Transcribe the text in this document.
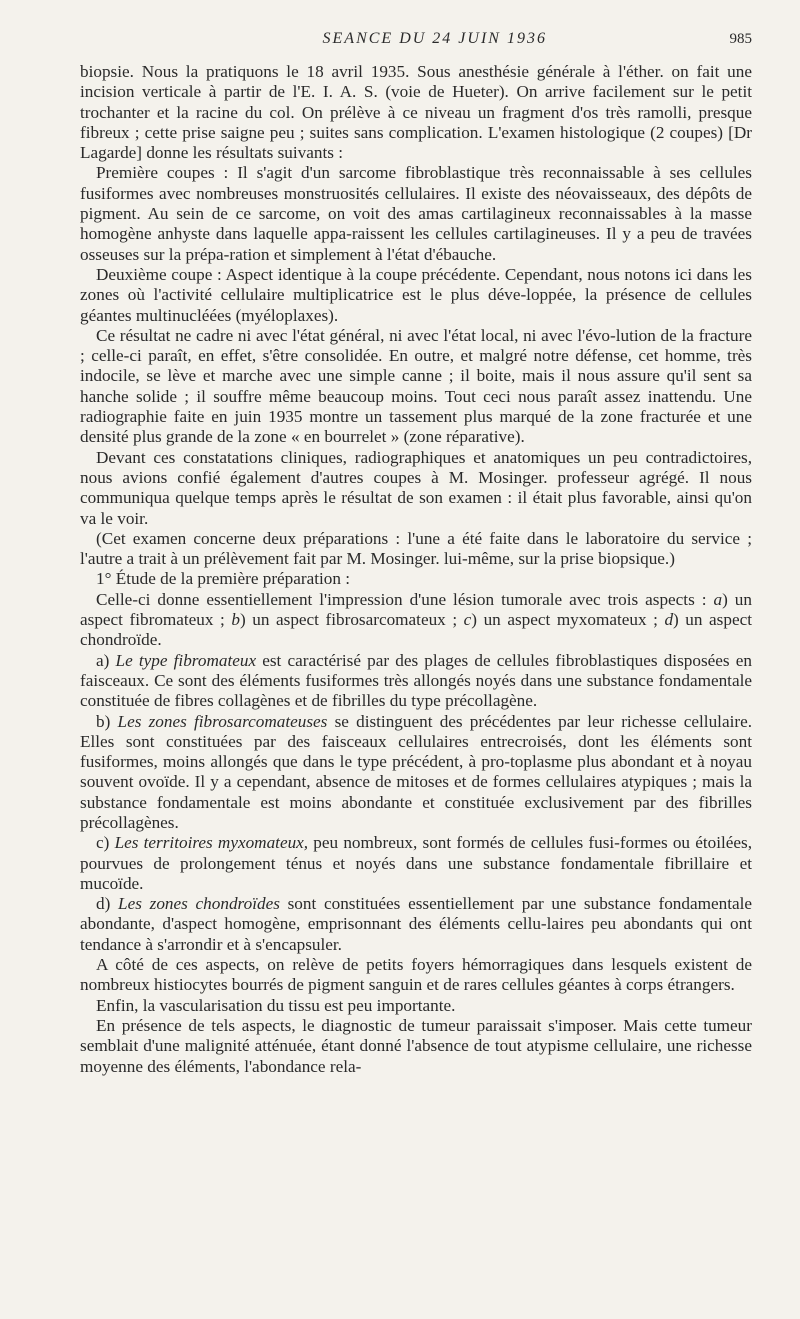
SEANCE DU 24 JUIN 1936	985

biopsie. Nous la pratiquons le 18 avril 1935. Sous anesthésie générale à l'éther. on fait une incision verticale à partir de l'E. I. A. S. (voie de Hueter). On arrive facilement sur le petit trochanter et la racine du col. On prélève à ce niveau un fragment d'os très ramolli, presque fibreux ; cette prise saigne peu ; suites sans complication. L'examen histologique (2 coupes) [Dr Lagarde] donne les résultats suivants :

Première coupes : Il s'agit d'un sarcome fibroblastique très reconnaissable à ses cellules fusiformes avec nombreuses monstruosités cellulaires. Il existe des néovaisseaux, des dépôts de pigment. Au sein de ce sarcome, on voit des amas cartilagineux reconnaissables à la masse homogène anhyste dans laquelle appa-raissent les cellules cartilagineuses. Il y a peu de travées osseuses sur la prépa-ration et simplement à l'état d'ébauche.

Deuxième coupe : Aspect identique à la coupe précédente. Cependant, nous notons ici dans les zones où l'activité cellulaire multiplicatrice est le plus déve-loppée, la présence de cellules géantes multinucléées (myéloplaxes).

Ce résultat ne cadre ni avec l'état général, ni avec l'état local, ni avec l'évo-lution de la fracture ; celle-ci paraît, en effet, s'être consolidée. En outre, et malgré notre défense, cet homme, très indocile, se lève et marche avec une simple canne ; il boite, mais il nous assure qu'il sent sa hanche solide ; il souffre même beaucoup moins. Tout ceci nous paraît assez inattendu. Une radiographie faite en juin 1935 montre un tassement plus marqué de la zone fracturée et une densité plus grande de la zone « en bourrelet » (zone réparative).

Devant ces constatations cliniques, radiographiques et anatomiques un peu contradictoires, nous avions confié également d'autres coupes à M. Mosinger. professeur agrégé. Il nous communiqua quelque temps après le résultat de son examen : il était plus favorable, ainsi qu'on va le voir.

(Cet examen concerne deux préparations : l'une a été faite dans le laboratoire du service ; l'autre a trait à un prélèvement fait par M. Mosinger. lui-même, sur la prise biopsique.)

1° Étude de la première préparation :

Celle-ci donne essentiellement l'impression d'une lésion tumorale avec trois aspects : a) un aspect fibromateux ; b) un aspect fibrosarcomateux ; c) un aspect myxomateux ; d) un aspect chondroïde.

a) Le type fibromateux est caractérisé par des plages de cellules fibroblastiques disposées en faisceaux. Ce sont des éléments fusiformes très allongés noyés dans une substance fondamentale constituée de fibres collagènes et de fibrilles du type précollagène.

b) Les zones fibrosarcomateuses se distinguent des précédentes par leur richesse cellulaire. Elles sont constituées par des faisceaux cellulaires entrecroisés, dont les éléments sont fusiformes, moins allongés que dans le type précédent, à pro-toplasme plus abondant et à noyau souvent ovoïde. Il y a cependant, absence de mitoses et de formes cellulaires atypiques ; mais la substance fondamentale est moins abondante et constituée exclusivement par des fibrilles précollagènes.

c) Les territoires myxomateux, peu nombreux, sont formés de cellules fusi-formes ou étoilées, pourvues de prolongement ténus et noyés dans une substance fondamentale fibrillaire et mucoïde.

d) Les zones chondroïdes sont constituées essentiellement par une substance fondamentale abondante, d'aspect homogène, emprisonnant des éléments cellu-laires peu abondants qui ont tendance à s'arrondir et à s'encapsuler.

A côté de ces aspects, on relève de petits foyers hémorragiques dans lesquels existent de nombreux histiocytes bourrés de pigment sanguin et de rares cellules géantes à corps étrangers.

Enfin, la vascularisation du tissu est peu importante.

En présence de tels aspects, le diagnostic de tumeur paraissait s'imposer. Mais cette tumeur semblait d'une malignité atténuée, étant donné l'absence de tout atypisme cellulaire, une richesse moyenne des éléments, l'abondance rela-
